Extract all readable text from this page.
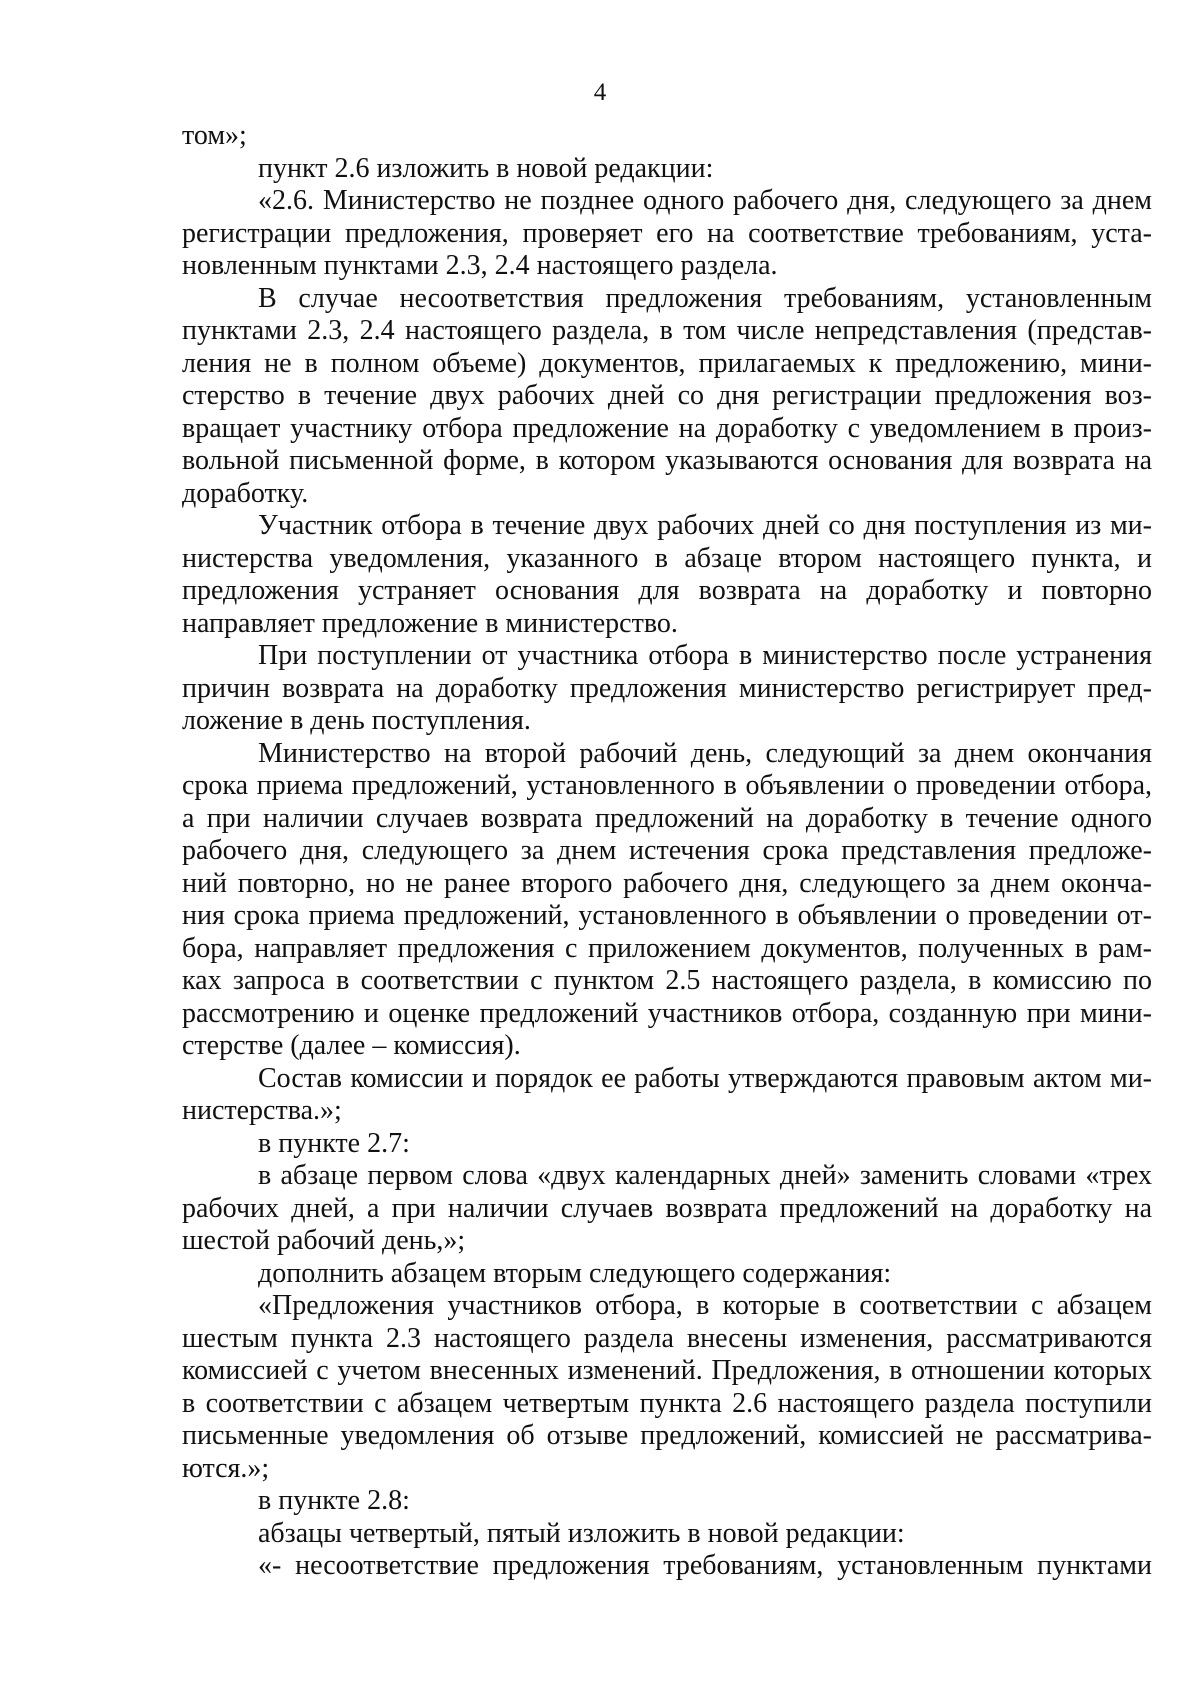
4
том»;
пункт 2.6 изложить в новой редакции:
«2.6. Министерство не позднее одного рабочего дня, следующего за днем
регистрации предложения, проверяет его на соответствие требованиям, уста-
новленным пунктами 2.3, 2.4 настоящего раздела.
В случае несоответствия предложения требованиям, установленным
пунктами 2.3, 2.4 настоящего раздела, в том числе непредставления (представ-
ления не в полном объеме) документов, прилагаемых к предложению, мини-
стерство в течение двух рабочих дней со дня регистрации предложения воз-
вращает участнику отбора предложение на доработку с уведомлением в произ-
вольной письменной форме, в котором указываются основания для возврата на
доработку.
Участник отбора в течение двух рабочих дней со дня поступления из ми-
нистерства уведомления, указанного в абзаце втором настоящего пункта, и
предложения устраняет основания для возврата на доработку и повторно
направляет предложение в министерство.
При поступлении от участника отбора в министерство после устранения
причин возврата на доработку предложения министерство регистрирует пред-
ложение в день поступления.
Министерство на второй рабочий день, следующий за днем окончания
срока приема предложений, установленного в объявлении о проведении отбора,
а при наличии случаев возврата предложений на доработку в течение одного
рабочего дня, следующего за днем истечения срока представления предложе-
ний повторно, но не ранее второго рабочего дня, следующего за днем оконча-
ния срока приема предложений, установленного в объявлении о проведении от-
бора, направляет предложения с приложением документов, полученных в рам-
ках запроса в соответствии с пунктом 2.5 настоящего раздела, в комиссию по
рассмотрению и оценке предложений участников отбора, созданную при мини-
стерстве (далее – комиссия).
Состав комиссии и порядок ее работы утверждаются правовым актом ми-
нистерства.»;
в пункте 2.7:
в абзаце первом слова «двух календарных дней» заменить словами «трех
рабочих дней, а при наличии случаев возврата предложений на доработку на
шестой рабочий день,»;
дополнить абзацем вторым следующего содержания:
«Предложения участников отбора, в которые в соответствии с абзацем
шестым пункта 2.3 настоящего раздела внесены изменения, рассматриваются
комиссией с учетом внесенных изменений. Предложения, в отношении которых
в соответствии с абзацем четвертым пункта 2.6 настоящего раздела поступили
письменные уведомления об отзыве предложений, комиссией не рассматрива-
ются.»;
в пункте 2.8:
абзацы четвертый, пятый изложить в новой редакции:
«- несоответствие предложения требованиям, установленным пунктами
